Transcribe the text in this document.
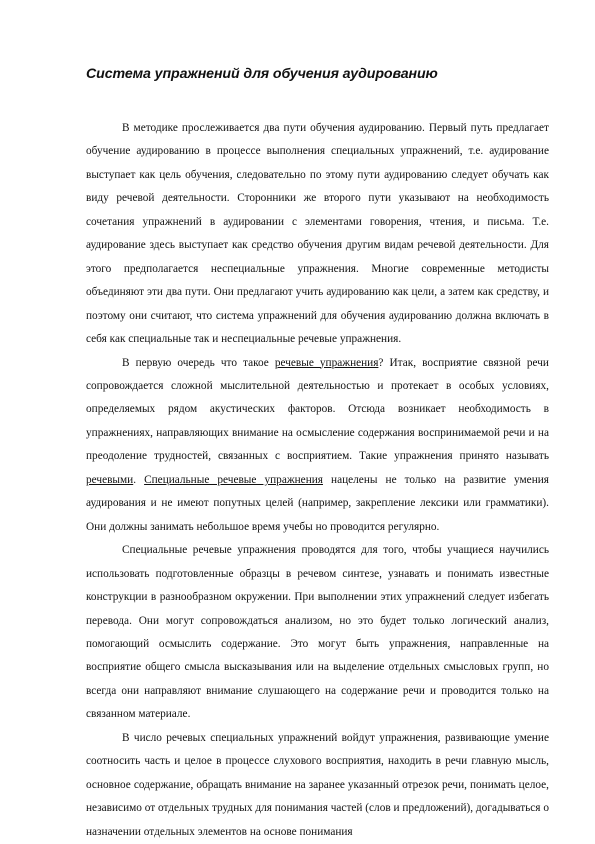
Система упражнений для обучения аудированию

В методике прослеживается два пути обучения аудированию. Первый путь предлагает обучение аудированию в процессе выполнения специальных упражнений, т.е. аудирование выступает как цель обучения, следовательно по этому пути аудированию следует обучать как виду речевой деятельности. Сторонники же второго пути указывают на необходимость сочетания упражнений в аудировании с элементами говорения, чтения, и письма. Т.е. аудирование здесь выступает как средство обучения другим видам речевой деятельности. Для этого предполагается неспециальные упражнения. Многие современные методисты объединяют эти два пути. Они предлагают учить аудированию как цели, а затем как средству, и поэтому они считают, что система упражнений для обучения аудированию должна включать в себя как специальные так и неспециальные речевые упражнения.

В первую очередь что такое речевые упражнения? Итак, восприятие связной речи сопровождается сложной мыслительной деятельностью и протекает в особых условиях, определяемых рядом акустических факторов. Отсюда возникает необходимость в упражнениях, направляющих внимание на осмысление содержания воспринимаемой речи и на преодоление трудностей, связанных с восприятием. Такие упражнения принято называть речевыми. Специальные речевые упражнения нацелены не только на развитие умения аудирования и не имеют попутных целей (например, закрепление лексики или грамматики). Они должны занимать небольшое время учебы но проводится регулярно.

Специальные речевые упражнения проводятся для того, чтобы учащиеся научились использовать подготовленные образцы в речевом синтезе, узнавать и понимать известные конструкции в разнообразном окружении. При выполнении этих упражнений следует избегать перевода. Они могут сопровождаться анализом, но это будет только логический анализ, помогающий осмыслить содержание. Это могут быть упражнения, направленные на восприятие общего смысла высказывания или на выделение отдельных смысловых групп, но всегда они направляют внимание слушающего на содержание речи и проводится только на связанном материале.

В число речевых специальных упражнений войдут упражнения, развивающие умение соотносить часть и целое в процессе слухового восприятия, находить в речи главную мысль, основное содержание, обращать внимание на заранее указанный отрезок речи, понимать целое, независимо от отдельных трудных для понимания частей (слов и предложений), догадываться о назначении отдельных элементов на основе понимания
